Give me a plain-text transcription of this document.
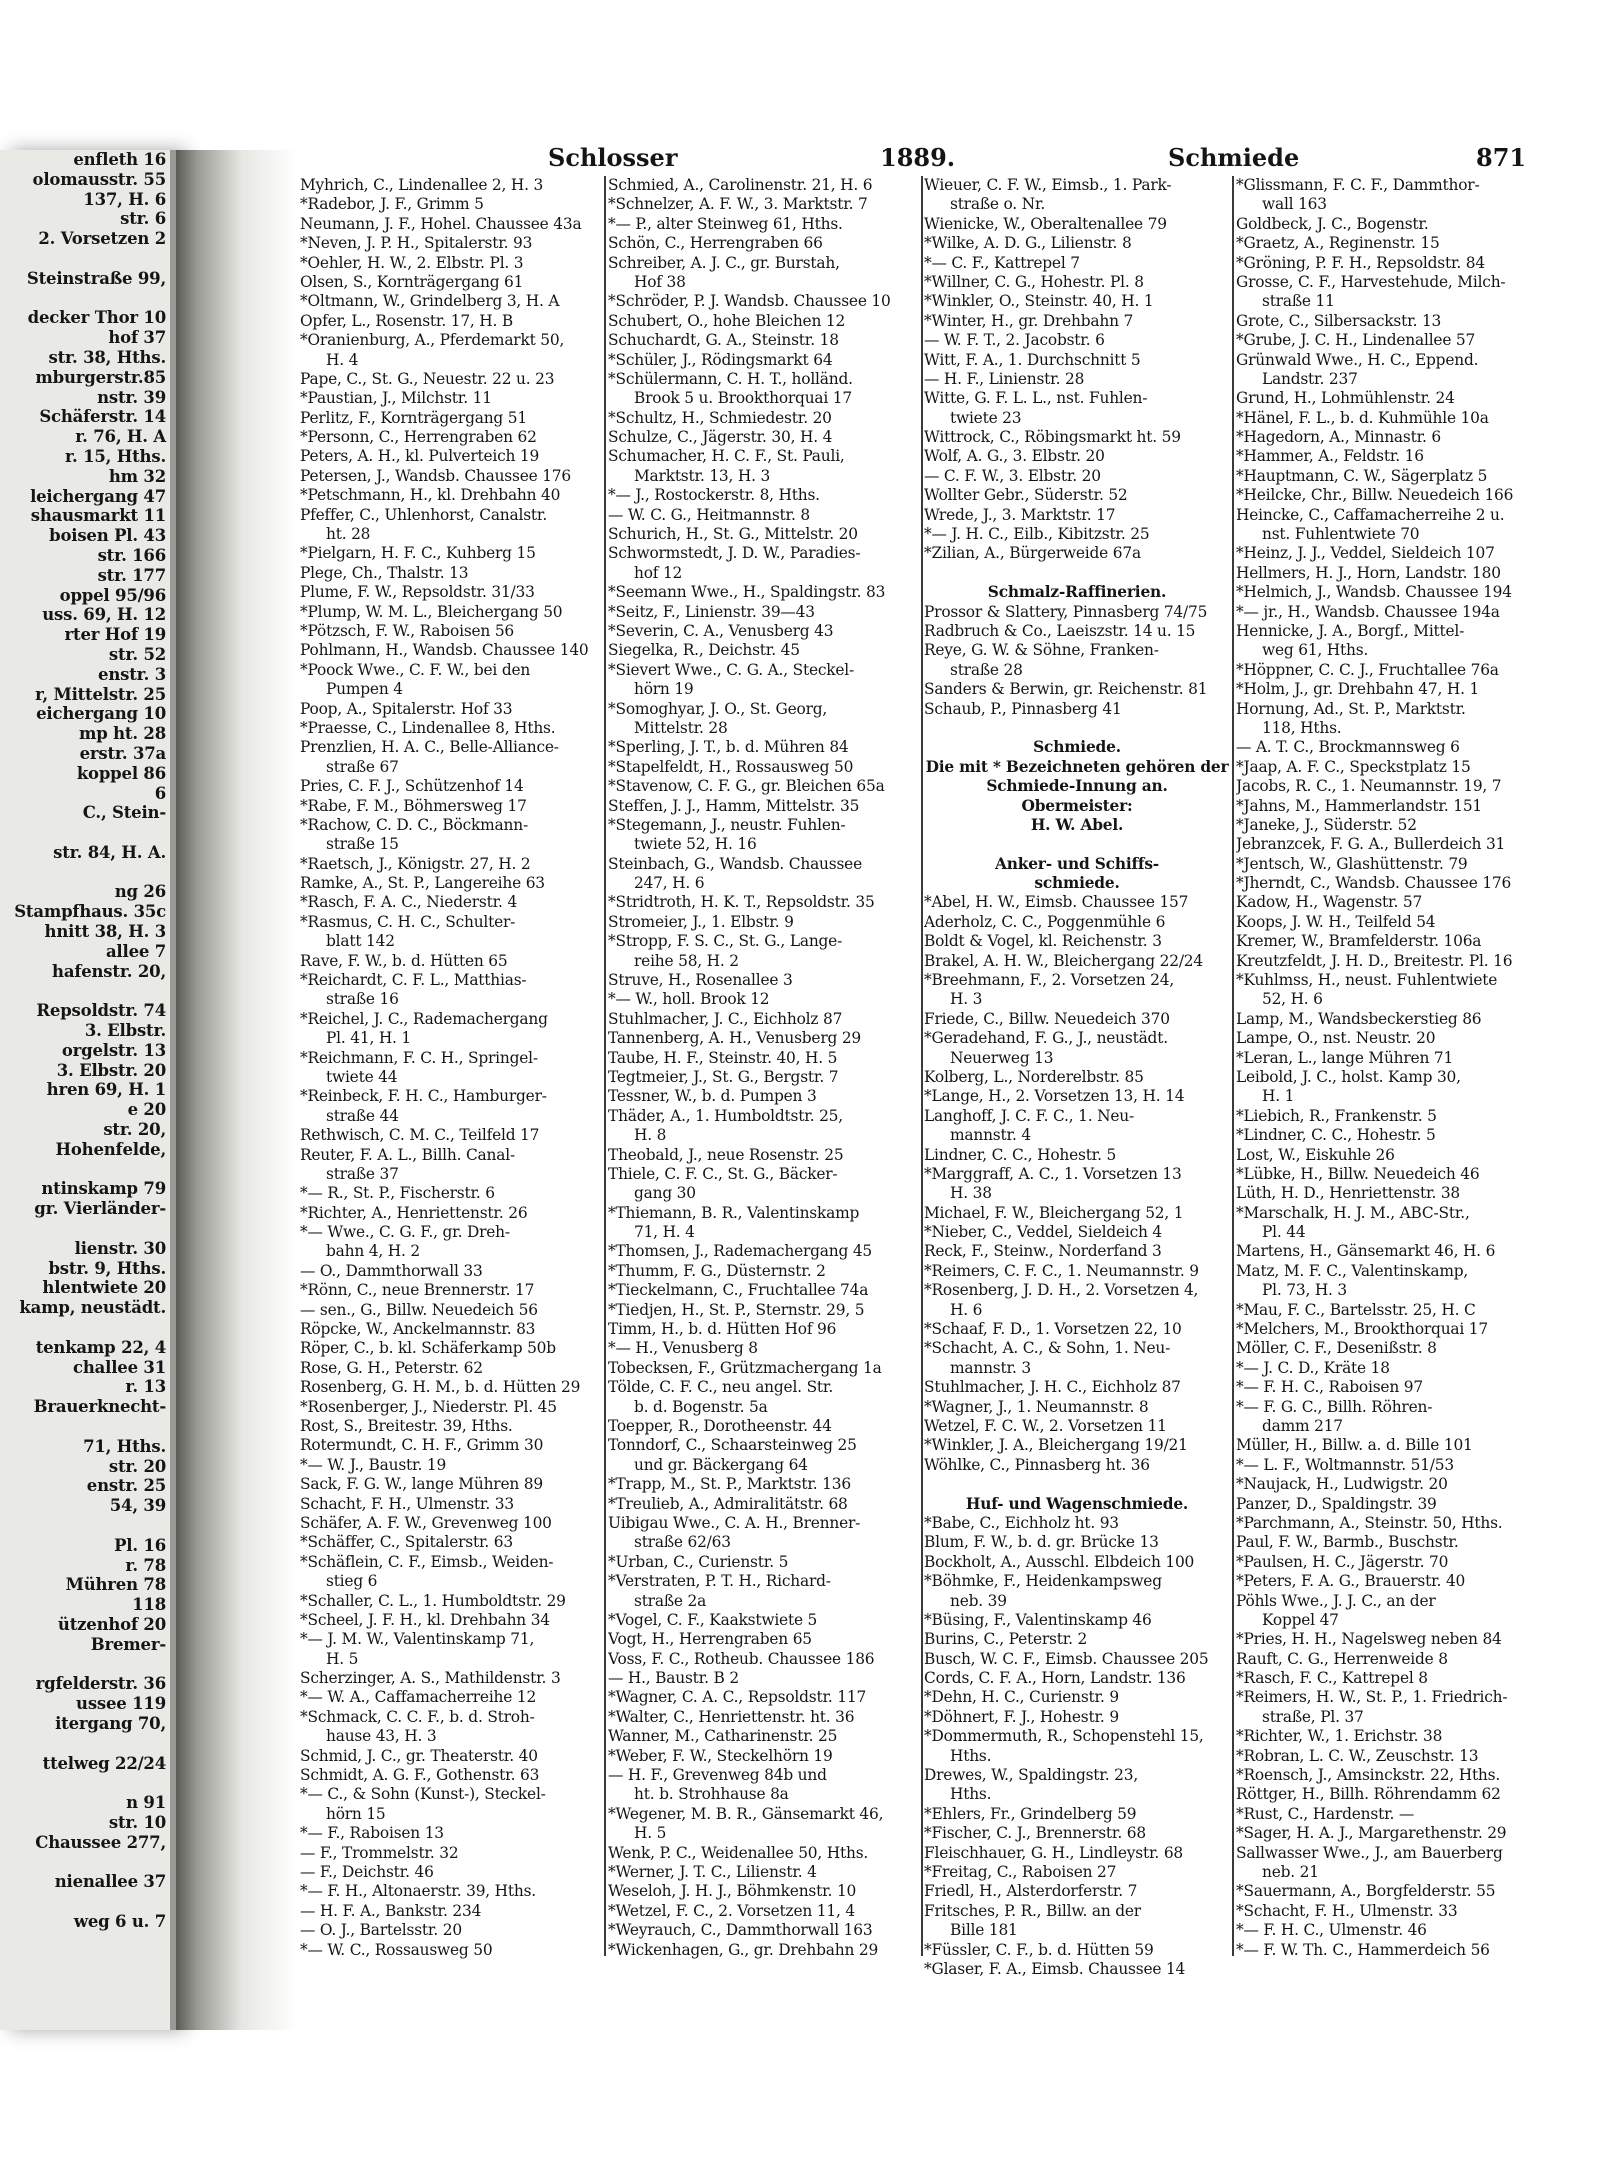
enfleth 16
olomausstr. 55
137, H. 6
str. 6
2. Vorsetzen 2
Steinstraße 99,
decker Thor 10
hof 37
str. 38, Hths.
mburgerstr.85
nstr. 39
Schäferstr. 14
r. 76, H. A
r. 15, Hths.
hm 32
leichergang 47
shausmarkt 11
boisen Pl. 43
str. 166
str. 177
oppel 95/96
uss. 69, H. 12
rter Hof 19
str. 52
enstr. 3
r, Mittelstr. 25
eichergang 10
mp ht. 28
erstr. 37a
koppel 86
6
C., Stein-
str. 84, H. A.
ng 26
Stampfhaus. 35c
hnitt 38, H. 3
allee 7
hafenstr. 20,
Repsoldstr. 74
3. Elbstr.
orgelstr. 13
3. Elbstr. 20
hren 69, H. 1
e 20
str. 20,
Hohenfelde,
ntinskamp 79
gr. Vierländer-
lienstr. 30
bstr. 9, Hths.
hlentwiete 20
kamp, neustädt.
tenkamp 22, 4
challee 31
r. 13
Brauerknecht-
71, Hths.
str. 20
enstr. 25
54, 39
Pl. 16
r. 78
Mühren 78
118
ützenhof 20
Bremer-
rgfelderstr. 36
ussee 119
itergang 70,
ttelweg 22/24
n 91
str. 10
Chaussee 277,
nienallee 37
weg 6 u. 7
Schlosser	1889.	Schmiede	871
Myhrich, C., Lindenallee 2, H. 3
*Radebor, J. F., Grimm 5
Neumann, J. F., Hohel. Chaussee 43a
*Neven, J. P. H., Spitalerstr. 93
*Oehler, H. W., 2. Elbstr. Pl. 3
Olsen, S., Kornträgergang 61
*Oltmann, W., Grindelberg 3, H. A
Opfer, L., Rosenstr. 17, H. B
*Oranienburg, A., Pferdemarkt 50,
H. 4
Pape, C., St. G., Neuestr. 22 u. 23
*Paustian, J., Milchstr. 11
Perlitz, F., Kornträgergang 51
*Personn, C., Herrengraben 62
Peters, A. H., kl. Pulverteich 19
Petersen, J., Wandsb. Chaussee 176
*Petschmann, H., kl. Drehbahn 40
Pfeffer, C., Uhlenhorst, Canalstr.
ht. 28
*Pielgarn, H. F. C., Kuhberg 15
Plege, Ch., Thalstr. 13
Plume, F. W., Repsoldstr. 31/33
*Plump, W. M. L., Bleichergang 50
*Pötzsch, F. W., Raboisen 56
Pohlmann, H., Wandsb. Chaussee 140
*Poock Wwe., C. F. W., bei den
Pumpen 4
Poop, A., Spitalerstr. Hof 33
*Praesse, C., Lindenallee 8, Hths.
Prenzlien, H. A. C., Belle-Alliance-
straße 67
Pries, C. F. J., Schützenhof 14
*Rabe, F. M., Böhmersweg 17
*Rachow, C. D. C., Böckmann-
straße 15
*Raetsch, J., Königstr. 27, H. 2
Ramke, A., St. P., Langereihe 63
*Rasch, F. A. C., Niederstr. 4
*Rasmus, C. H. C., Schulter-
blatt 142
Rave, F. W., b. d. Hütten 65
*Reichardt, C. F. L., Matthias-
straße 16
*Reichel, J. C., Rademachergang
Pl. 41, H. 1
*Reichmann, F. C. H., Springel-
twiete 44
*Reinbeck, F. H. C., Hamburger-
straße 44
Rethwisch, C. M. C., Teilfeld 17
Reuter, F. A. L., Billh. Canal-
straße 37
*— R., St. P., Fischerstr. 6
*Richter, A., Henriettenstr. 26
*— Wwe., C. G. F., gr. Dreh-
bahn 4, H. 2
— O., Dammthorwall 33
*Rönn, C., neue Brennerstr. 17
— sen., G., Billw. Neuedeich 56
Röpcke, W., Anckelmannstr. 83
Röper, C., b. kl. Schäferkamp 50b
Rose, G. H., Peterstr. 62
Rosenberg, G. H. M., b. d. Hütten 29
*Rosenberger, J., Niederstr. Pl. 45
Rost, S., Breitestr. 39, Hths.
Rotermundt, C. H. F., Grimm 30
*— W. J., Baustr. 19
Sack, F. G. W., lange Mühren 89
Schacht, F. H., Ulmenstr. 33
Schäfer, A. F. W., Grevenweg 100
*Schäffer, C., Spitalerstr. 63
*Schäflein, C. F., Eimsb., Weiden-
stieg 6
*Schaller, C. L., 1. Humboldtstr. 29
*Scheel, J. F. H., kl. Drehbahn 34
*— J. M. W., Valentinskamp 71,
H. 5
Scherzinger, A. S., Mathildenstr. 3
*— W. A., Caffamacherreihe 12
*Schmack, C. C. F., b. d. Stroh-
hause 43, H. 3
Schmid, J. C., gr. Theaterstr. 40
Schmidt, A. G. F., Gothenstr. 63
*— C., & Sohn (Kunst-), Steckel-
hörn 15
*— F., Raboisen 13
— F., Trommelstr. 32
— F., Deichstr. 46
*— F. H., Altonaerstr. 39, Hths.
— H. F. A., Bankstr. 234
— O. J., Bartelsstr. 20
*— W. C., Rossausweg 50
Schmied, A., Carolinenstr. 21, H. 6
*Schnelzer, A. F. W., 3. Marktstr. 7
*— P., alter Steinweg 61, Hths.
Schön, C., Herrengraben 66
Schreiber, A. J. C., gr. Burstah,
Hof 38
*Schröder, P. J. Wandsb. Chaussee 10
Schubert, O., hohe Bleichen 12
Schuchardt, G. A., Steinstr. 18
*Schüler, J., Rödingsmarkt 64
*Schülermann, C. H. T., holländ.
Brook 5 u. Brookthorquai 17
*Schultz, H., Schmiedestr. 20
Schulze, C., Jägerstr. 30, H. 4
Schumacher, H. C. F., St. Pauli,
Marktstr. 13, H. 3
*— J., Rostockerstr. 8, Hths.
— W. C. G., Heitmannstr. 8
Schurich, H., St. G., Mittelstr. 20
Schwormstedt, J. D. W., Paradies-
hof 12
*Seemann Wwe., H., Spaldingstr. 83
*Seitz, F., Linienstr. 39—43
*Severin, C. A., Venusberg 43
Siegelka, R., Deichstr. 45
*Sievert Wwe., C. G. A., Steckel-
hörn 19
*Somoghyar, J. O., St. Georg,
Mittelstr. 28
*Sperling, J. T., b. d. Mühren 84
*Stapelfeldt, H., Rossausweg 50
*Stavenow, C. F. G., gr. Bleichen 65a
Steffen, J. J., Hamm, Mittelstr. 35
*Stegemann, J., neustr. Fuhlen-
twiete 52, H. 16
Steinbach, G., Wandsb. Chaussee
247, H. 6
*Stridtroth, H. K. T., Repsoldstr. 35
Stromeier, J., 1. Elbstr. 9
*Stropp, F. S. C., St. G., Lange-
reihe 58, H. 2
Struve, H., Rosenallee 3
*— W., holl. Brook 12
Stuhlmacher, J. C., Eichholz 87
Tannenberg, A. H., Venusberg 29
Taube, H. F., Steinstr. 40, H. 5
Tegtmeier, J., St. G., Bergstr. 7
Tessner, W., b. d. Pumpen 3
Thäder, A., 1. Humboldtstr. 25,
H. 8
Theobald, J., neue Rosenstr. 25
Thiele, C. F. C., St. G., Bäcker-
gang 30
*Thiemann, B. R., Valentinskamp
71, H. 4
*Thomsen, J., Rademachergang 45
*Thumm, F. G., Düsternstr. 2
*Tieckelmann, C., Fruchtallee 74a
*Tiedjen, H., St. P., Sternstr. 29, 5
Timm, H., b. d. Hütten Hof 96
*— H., Venusberg 8
Tobecksen, F., Grützmachergang 1a
Tölde, C. F. C., neu angel. Str.
b. d. Bogenstr. 5a
Toepper, R., Dorotheenstr. 44
Tonndorf, C., Schaarsteinweg 25
und gr. Bäckergang 64
*Trapp, M., St. P., Marktstr. 136
*Treulieb, A., Admiralitätstr. 68
Uibigau Wwe., C. A. H., Brenner-
straße 62/63
*Urban, C., Curienstr. 5
*Verstraten, P. T. H., Richard-
straße 2a
*Vogel, C. F., Kaakstwiete 5
Vogt, H., Herrengraben 65
Voss, F. C., Rotheub. Chaussee 186
— H., Baustr. B 2
*Wagner, C. A. C., Repsoldstr. 117
*Walter, C., Henriettenstr. ht. 36
Wanner, M., Catharinenstr. 25
*Weber, F. W., Steckelhörn 19
— H. F., Grevenweg 84b und
ht. b. Strohhause 8a
*Wegener, M. B. R., Gänsemarkt 46,
H. 5
Wenk, P. C., Weidenallee 50, Hths.
*Werner, J. T. C., Lilienstr. 4
Weseloh, J. H. J., Böhmkenstr. 10
*Wetzel, F. C., 2. Vorsetzen 11, 4
*Weyrauch, C., Dammthorwall 163
*Wickenhagen, G., gr. Drehbahn 29
Wieuer, C. F. W., Eimsb., 1. Park-
straße o. Nr.
Wienicke, W., Oberaltenallee 79
*Wilke, A. D. G., Lilienstr. 8
*— C. F., Kattrepel 7
*Willner, C. G., Hohestr. Pl. 8
*Winkler, O., Steinstr. 40, H. 1
*Winter, H., gr. Drehbahn 7
— W. F. T., 2. Jacobstr. 6
Witt, F. A., 1. Durchschnitt 5
— H. F., Linienstr. 28
Witte, G. F. L. L., nst. Fuhlen-
twiete 23
Wittrock, C., Röbingsmarkt ht. 59
Wolf, A. G., 3. Elbstr. 20
— C. F. W., 3. Elbstr. 20
Wollter Gebr., Süderstr. 52
Wrede, J., 3. Marktstr. 17
*— J. H. C., Eilb., Kibitzstr. 25
*Zilian, A., Bürgerweide 67a
Schmalz-Raffinerien.
Prossor & Slattery, Pinnasberg 74/75
Radbruch & Co., Laeiszstr. 14 u. 15
Reye, G. W. & Söhne, Franken-
straße 28
Sanders & Berwin, gr. Reichenstr. 81
Schaub, P., Pinnasberg 41
Schmiede.
Die mit * Bezeichneten gehören der
Schmiede-Innung an.
Obermeister:
H. W. Abel.
Anker- und Schiffs-
schmiede.
*Abel, H. W., Eimsb. Chaussee 157
Aderholz, C. C., Poggenmühle 6
Boldt & Vogel, kl. Reichenstr. 3
Brakel, A. H. W., Bleichergang 22/24
*Breehmann, F., 2. Vorsetzen 24,
H. 3
Friede, C., Billw. Neuedeich 370
*Geradehand, F. G., J., neustädt.
Neuerweg 13
Kolberg, L., Norderelbstr. 85
*Lange, H., 2. Vorsetzen 13, H. 14
Langhoff, J. C. F. C., 1. Neu-
mannstr. 4
Lindner, C. C., Hohestr. 5
*Marggraff, A. C., 1. Vorsetzen 13
H. 38
Michael, F. W., Bleichergang 52, 1
*Nieber, C., Veddel, Sieldeich 4
Reck, F., Steinw., Norderfand 3
*Reimers, C. F. C., 1. Neumannstr. 9
*Rosenberg, J. D. H., 2. Vorsetzen 4,
H. 6
*Schaaf, F. D., 1. Vorsetzen 22, 10
*Schacht, A. C., & Sohn, 1. Neu-
mannstr. 3
Stuhlmacher, J. H. C., Eichholz 87
*Wagner, J., 1. Neumannstr. 8
Wetzel, F. C. W., 2. Vorsetzen 11
*Winkler, J. A., Bleichergang 19/21
Wöhlke, C., Pinnasberg ht. 36
Huf- und Wagenschmiede.
*Babe, C., Eichholz ht. 93
Blum, F. W., b. d. gr. Brücke 13
Bockholt, A., Ausschl. Elbdeich 100
*Böhmke, F., Heidenkampsweg
neb. 39
*Büsing, F., Valentinskamp 46
Burins, C., Peterstr. 2
Busch, W. C. F., Eimsb. Chaussee 205
Cords, C. F. A., Horn, Landstr. 136
*Dehn, H. C., Curienstr. 9
*Döhnert, F. J., Hohestr. 9
*Dommermuth, R., Schopenstehl 15,
Hths.
Drewes, W., Spaldingstr. 23,
Hths.
*Ehlers, Fr., Grindelberg 59
*Fischer, C. J., Brennerstr. 68
Fleischhauer, G. H., Lindleystr. 68
*Freitag, C., Raboisen 27
Friedl, H., Alsterdorferstr. 7
Fritsches, P. R., Billw. an der
Bille 181
*Füssler, C. F., b. d. Hütten 59
*Glaser, F. A., Eimsb. Chaussee 14
*Glissmann, F. C. F., Dammthor-
wall 163
Goldbeck, J. C., Bogenstr.
*Graetz, A., Reginenstr. 15
*Gröning, P. F. H., Repsoldstr. 84
Grosse, C. F., Harvestehude, Milch-
straße 11
Grote, C., Silbersackstr. 13
*Grube, J. C. H., Lindenallee 57
Grünwald Wwe., H. C., Eppend.
Landstr. 237
Grund, H., Lohmühlenstr. 24
*Hänel, F. L., b. d. Kuhmühle 10a
*Hagedorn, A., Minnastr. 6
*Hammer, A., Feldstr. 16
*Hauptmann, C. W., Sägerplatz 5
*Heilcke, Chr., Billw. Neuedeich 166
Heincke, C., Caffamacherreihe 2 u.
nst. Fuhlentwiete 70
*Heinz, J. J., Veddel, Sieldeich 107
Hellmers, H. J., Horn, Landstr. 180
*Helmich, J., Wandsb. Chaussee 194
*— jr., H., Wandsb. Chaussee 194a
Hennicke, J. A., Borgf., Mittel-
weg 61, Hths.
*Höppner, C. C. J., Fruchtallee 76a
*Holm, J., gr. Drehbahn 47, H. 1
Hornung, Ad., St. P., Marktstr.
118, Hths.
— A. T. C., Brockmannsweg 6
*Jaap, A. F. C., Speckstplatz 15
Jacobs, R. C., 1. Neumannstr. 19, 7
*Jahns, M., Hammerlandstr. 151
*Janeke, J., Süderstr. 52
Jebranzcek, F. G. A., Bullerdeich 31
*Jentsch, W., Glashüttenstr. 79
*Jherndt, C., Wandsb. Chaussee 176
Kadow, H., Wagenstr. 57
Koops, J. W. H., Teilfeld 54
Kremer, W., Bramfelderstr. 106a
Kreutzfeldt, J. H. D., Breitestr. Pl. 16
*Kuhlmss, H., neust. Fuhlentwiete
52, H. 6
Lamp, M., Wandsbeckerstieg 86
Lampe, O., nst. Neustr. 20
*Leran, L., lange Mühren 71
Leibold, J. C., holst. Kamp 30,
H. 1
*Liebich, R., Frankenstr. 5
*Lindner, C. C., Hohestr. 5
Lost, W., Eiskuhle 26
*Lübke, H., Billw. Neuedeich 46
Lüth, H. D., Henriettenstr. 38
*Marschalk, H. J. M., ABC-Str.,
Pl. 44
Martens, H., Gänsemarkt 46, H. 6
Matz, M. F. C., Valentinskamp,
Pl. 73, H. 3
*Mau, F. C., Bartelsstr. 25, H. C
*Melchers, M., Brookthorquai 17
Möller, C. F., Desenißstr. 8
*— J. C. D., Kräte 18
*— F. H. C., Raboisen 97
*— F. G. C., Billh. Röhren-
damm 217
Müller, H., Billw. a. d. Bille 101
*— L. F., Woltmannstr. 51/53
*Naujack, H., Ludwigstr. 20
Panzer, D., Spaldingstr. 39
*Parchmann, A., Steinstr. 50, Hths.
Paul, F. W., Barmb., Buschstr.
*Paulsen, H. C., Jägerstr. 70
*Peters, F. A. G., Brauerstr. 40
Pöhls Wwe., J. J. C., an der
Koppel 47
*Pries, H. H., Nagelsweg neben 84
Rauft, C. G., Herrenweide 8
*Rasch, F. C., Kattrepel 8
*Reimers, H. W., St. P., 1. Friedrich-
straße, Pl. 37
*Richter, W., 1. Erichstr. 38
*Robran, L. C. W., Zeuschstr. 13
*Roensch, J., Amsinckstr. 22, Hths.
Röttger, H., Billh. Röhrendamm 62
*Rust, C., Hardenstr. —
*Sager, H. A. J., Margarethenstr. 29
Sallwasser Wwe., J., am Bauerberg
neb. 21
*Sauermann, A., Borgfelderstr. 55
*Schacht, F. H., Ulmenstr. 33
*— F. H. C., Ulmenstr. 46
*— F. W. Th. C., Hammerdeich 56
